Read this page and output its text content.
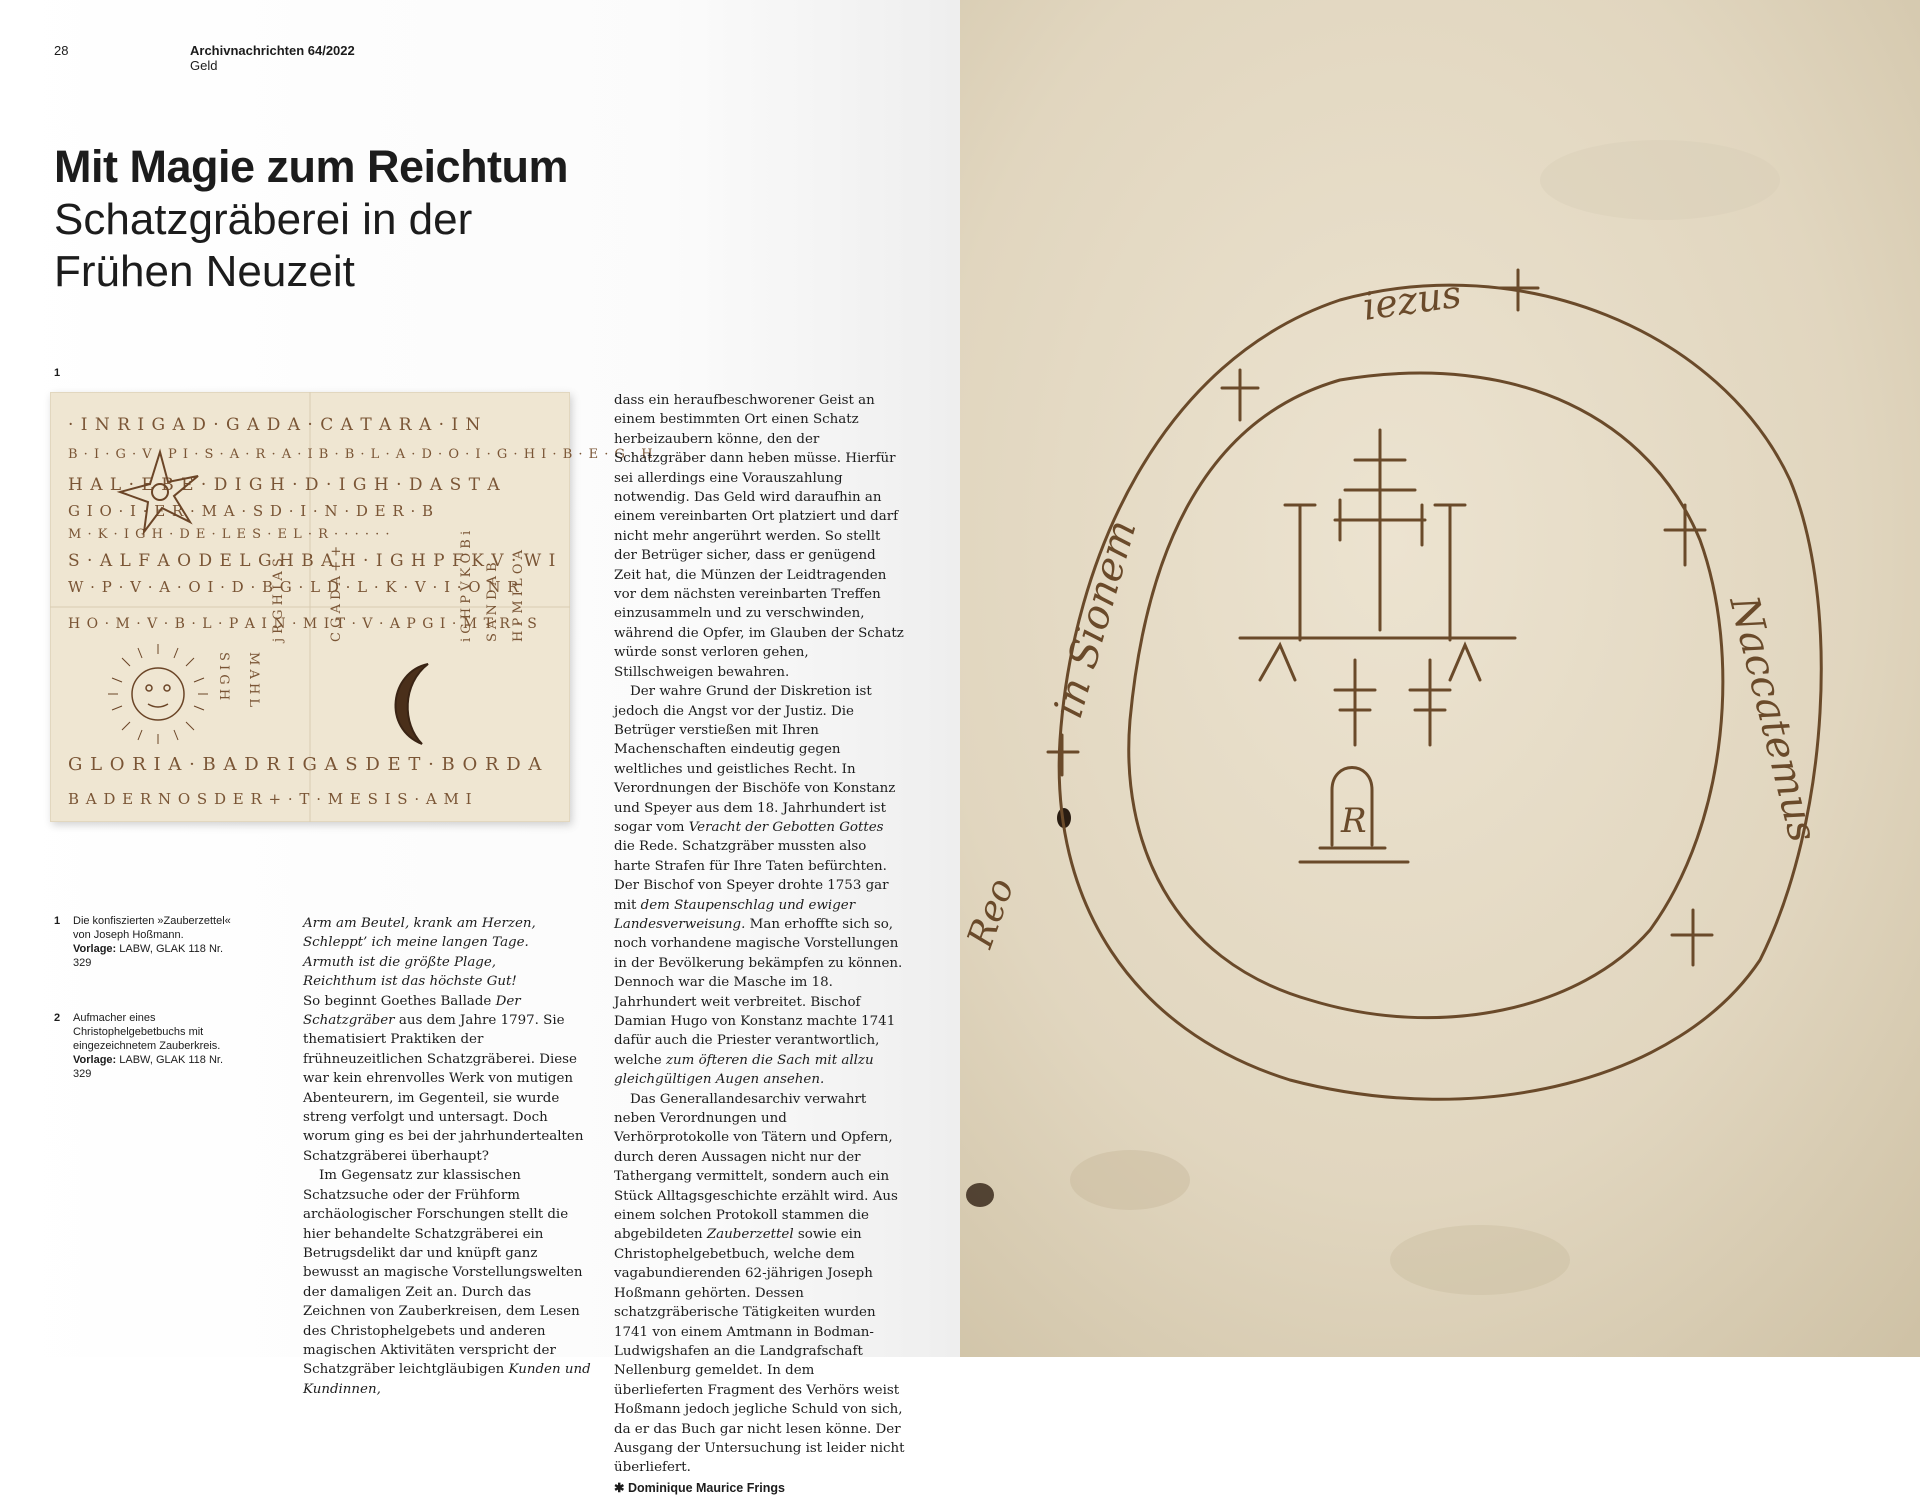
28	Archivnachrichten 64/2022
Geld
Mit Magie zum Reichtum
Schatzgräberei in der
Frühen Neuzeit
1
· I N R I G A D · G A D A · C A T A R A · I N
B · I · G · V · P I · S · A · R · A · I B · B · L · A · D · O · I · G · H I · B · E · G · H
H A L · E B E · D I G H · D · I G H · D A S T A
G I O · I · E R · M A · S D · I · N · D E R · B
M · K · I G H · D E · L E S · E L · R · · · · · ·
S · A L F A O D E L G H B A H · I G H P F K V · W I
W · P · V · A · O I · D · B G · L D · L · K · V · I · O N R
H O · M · V · B · L · P A I N · M I T · V · A P G I · M T R · S
G L O R I A · B A D R I G A S D E T · B O R D A
B A D E R N O S D E R + · T · M E S I S · A M I
S I G H M A H L
j R G H I A S	C G A D A + +	i G H P V K O B i S A N D A B H P M I L O A
1 Die konfiszierten »Zauberzettel« von Joseph Hoßmann.
Vorlage: LABW, GLAK 118 Nr. 329
2 Aufmacher eines Christophelgebetbuchs mit eingezeichnetem Zauberkreis.
Vorlage: LABW, GLAK 118 Nr. 329
Arm am Beutel, krank am Herzen,
Schleppt’ ich meine langen Tage.
Armuth ist die größte Plage,
Reichthum ist das höchste Gut!

So beginnt Goethes Ballade Der Schatzgräber aus dem Jahre 1797. Sie thematisiert Praktiken der frühneuzeitlichen Schatzgräberei. Diese war kein ehrenvolles Werk von mutigen Abenteurern, im Gegenteil, sie wurde streng verfolgt und untersagt. Doch worum ging es bei der jahrhundertealten Schatzgräberei überhaupt?

Im Gegensatz zur klassischen Schatzsuche oder der Frühform archäologischer Forschungen stellt die hier behandelte Schatzgräberei ein Betrugsdelikt dar und knüpft ganz bewusst an magische Vorstellungswelten der damaligen Zeit an. Durch das Zeichnen von Zauberkreisen, dem Lesen des Christophelgebets und anderen magischen Aktivitäten verspricht der Schatzgräber leichtgläubigen Kunden und Kundinnen,

dass ein heraufbeschworener Geist an einem bestimmten Ort einen Schatz herbeizaubern könne, den der Schatzgräber dann heben müsse. Hierfür sei allerdings eine Vorauszahlung notwendig. Das Geld wird daraufhin an einem vereinbarten Ort platziert und darf nicht mehr angerührt werden. So stellt der Betrüger sicher, dass er genügend Zeit hat, die Münzen der Leidtragenden vor dem nächsten vereinbarten Treffen einzusammeln und zu verschwinden, während die Opfer, im Glauben der Schatz würde sonst verloren gehen, Stillschweigen bewahren.

Der wahre Grund der Diskretion ist jedoch die Angst vor der Justiz. Die Betrüger verstießen mit Ihren Machenschaften eindeutig gegen weltliches und geistliches Recht. In Verordnungen der Bischöfe von Konstanz und Speyer aus dem 18. Jahrhundert ist sogar vom Veracht der Gebotten Gottes die Rede. Schatzgräber mussten also harte Strafen für Ihre Taten befürchten. Der Bischof von Speyer drohte 1753 gar mit dem Staupenschlag und ewiger Landesverweisung. Man erhoffte sich so, noch vorhandene magische Vorstellungen in der Bevölkerung bekämpfen zu können. Dennoch war die Masche im 18. Jahrhundert weit verbreitet. Bischof Damian Hugo von Konstanz machte 1741 dafür auch die Priester verantwortlich, welche zum öfteren die Sach mit allzu gleichgültigen Augen ansehen.

Das Generallandesarchiv verwahrt neben Verordnungen und Verhörprotokolle von Tätern und Opfern, durch deren Aussagen nicht nur der Tathergang vermittelt, sondern auch ein Stück Alltagsgeschichte erzählt wird. Aus einem solchen Protokoll stammen die abgebildeten Zauberzettel sowie ein Christophelgebetbuch, welche dem vagabundierenden 62-jährigen Joseph Hoßmann gehörten. Dessen schatzgräberische Tätigkeiten wurden 1741 von einem Amtmann in Bodman-Ludwigshafen an die Landgrafschaft Nellenburg gemeldet. In dem überlieferten Fragment des Verhörs weist Hoßmann jedoch jegliche Schuld von sich, da er das Buch gar nicht lesen könne. Der Ausgang der Untersuchung ist leider nicht überliefert.

✱ Dominique Maurice Frings
iezus
in Sionem	Naccatemus
Reo
R
